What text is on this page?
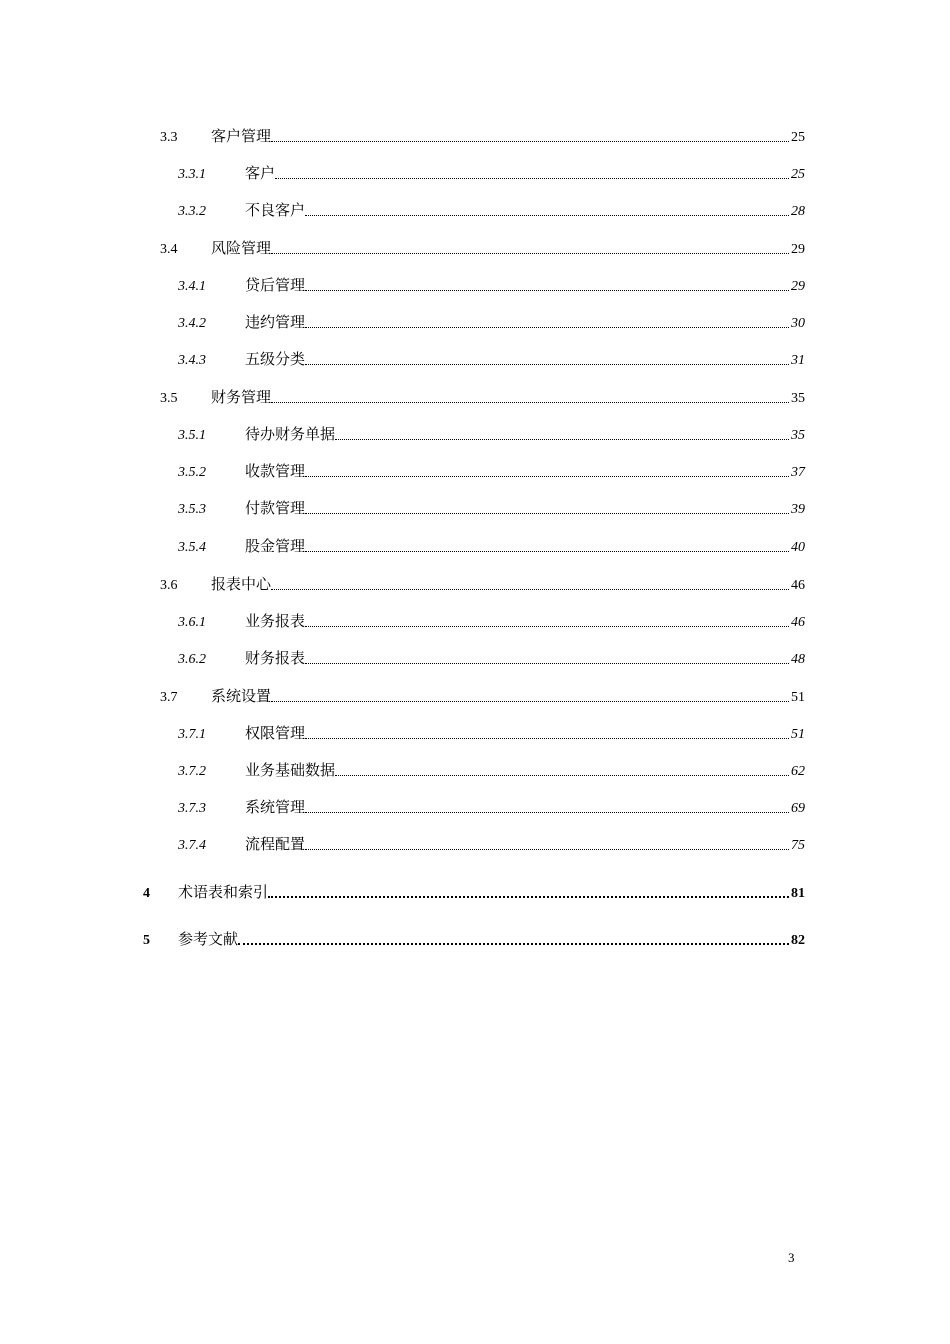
3.3	客户管理	25
3.3.1	客户	25
3.3.2	不良客户	28
3.4	风险管理	29
3.4.1	贷后管理	29
3.4.2	违约管理	30
3.4.3	五级分类	31
3.5	财务管理	35
3.5.1	待办财务单据	35
3.5.2	收款管理	37
3.5.3	付款管理	39
3.5.4	股金管理	40
3.6	报表中心	46
3.6.1	业务报表	46
3.6.2	财务报表	48
3.7	系统设置	51
3.7.1	权限管理	51
3.7.2	业务基础数据	62
3.7.3	系统管理	69
3.7.4	流程配置	75
4	术语表和索引	81
5	参考文献	82
3
